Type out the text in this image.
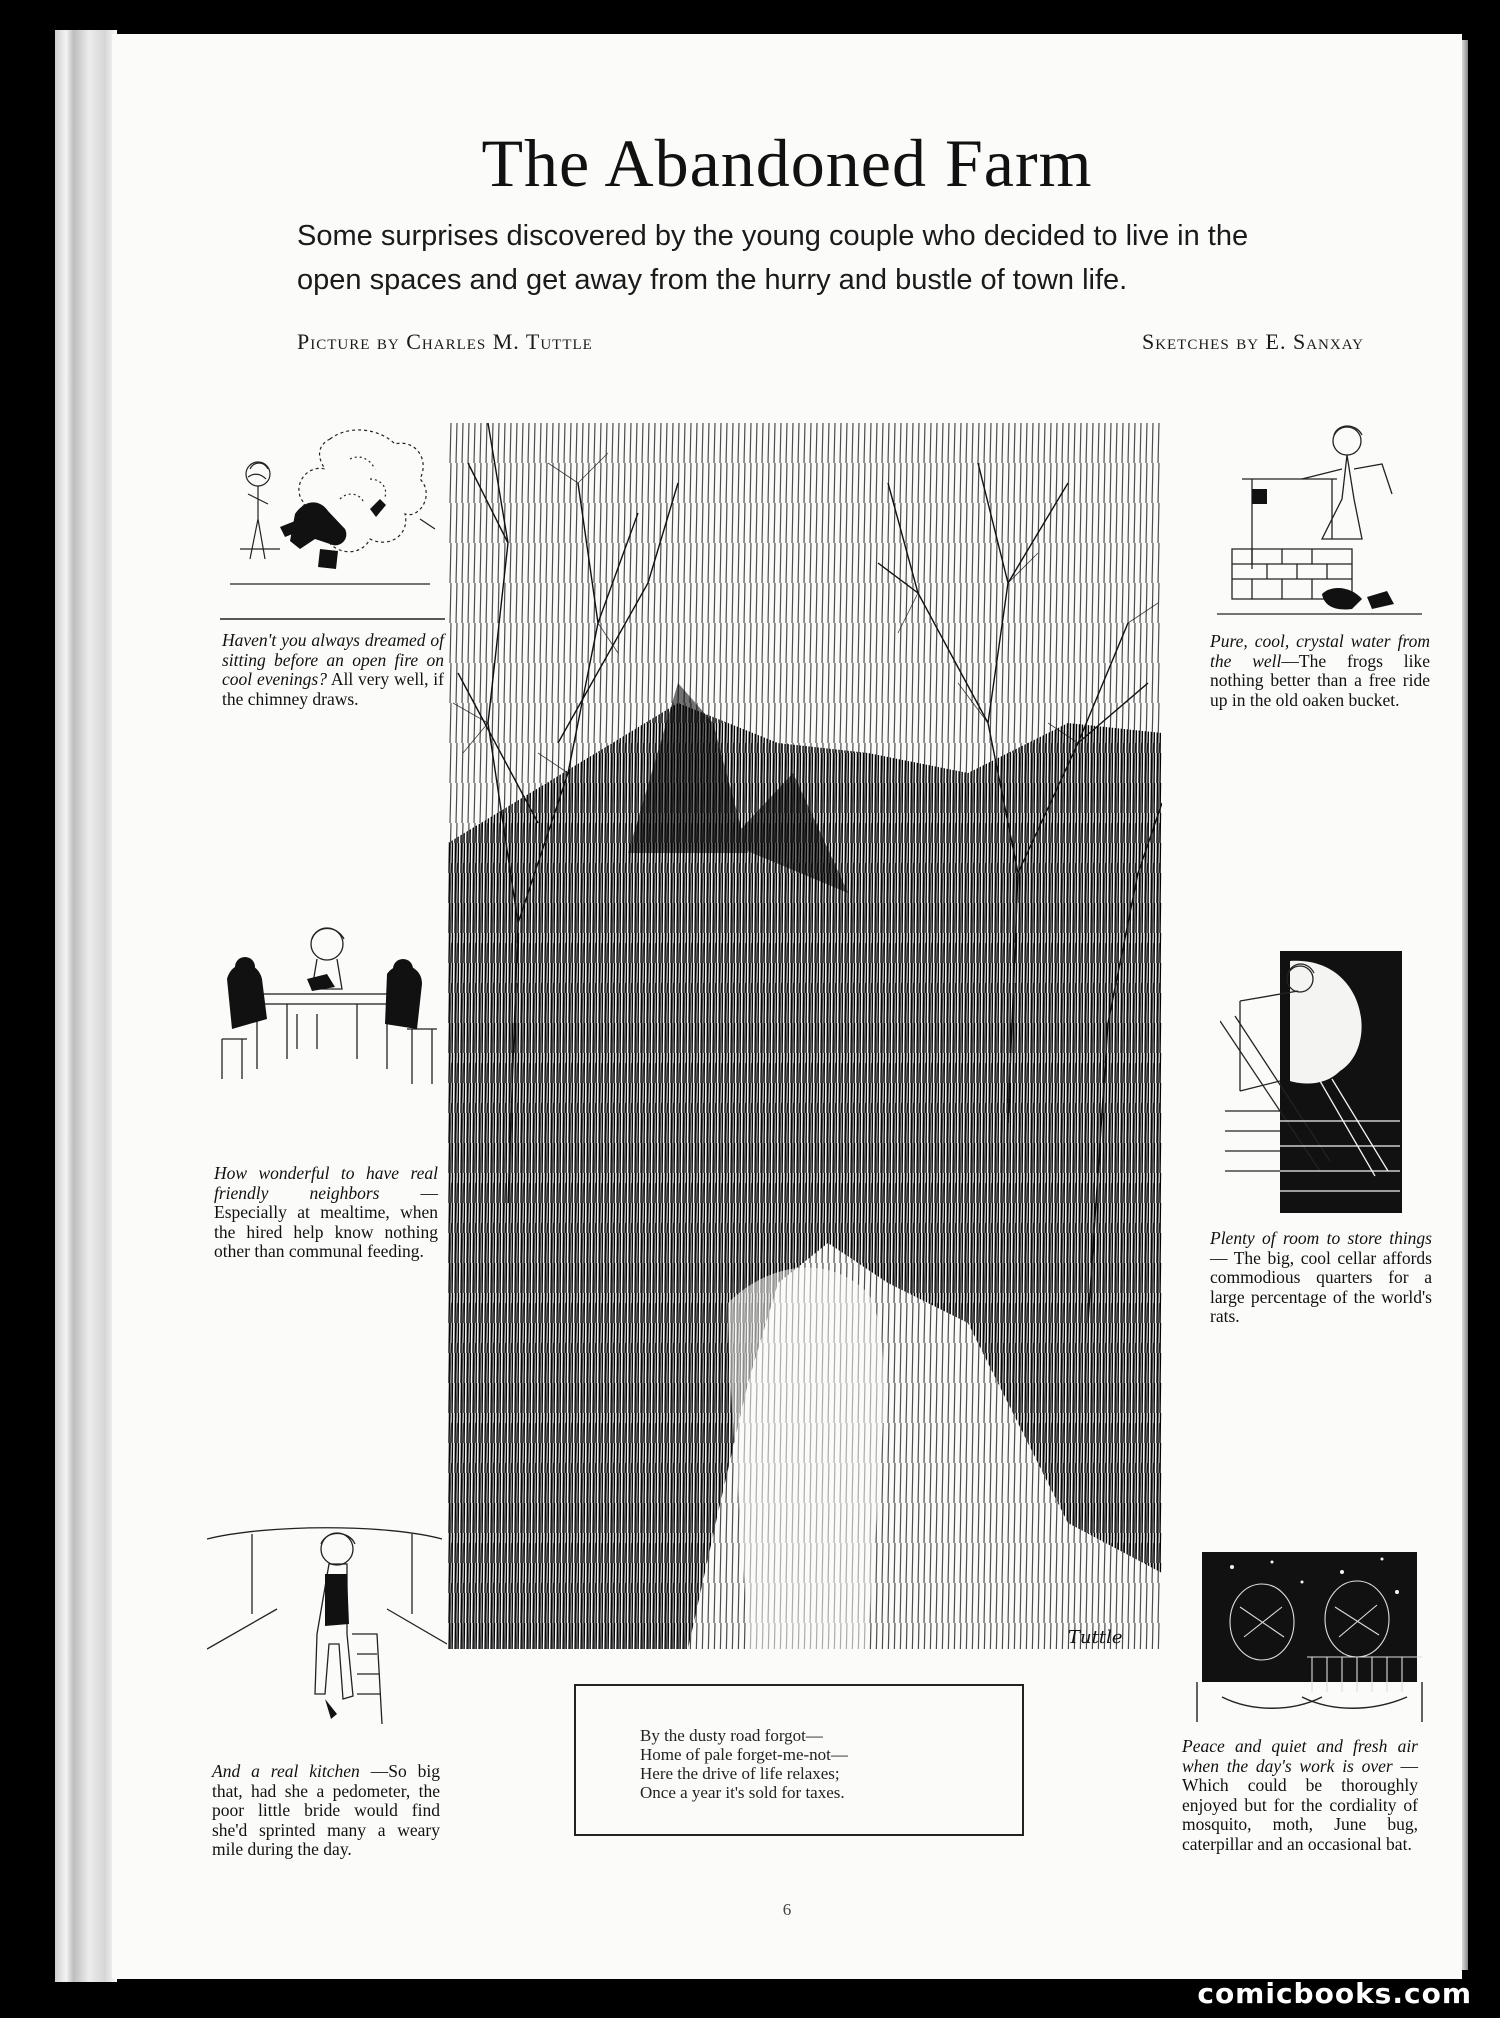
The Abandoned Farm

Some surprises discovered by the young couple who decided to live in the open spaces and get away from the hurry and bustle of town life.

Picture by Charles M. Tuttle	Sketches by E. Sanxay

Haven't you always dreamed of sitting before an open fire on cool evenings? All very well, if the chimney draws.

Pure, cool, crystal water from the well—The frogs like nothing better than a free ride up in the old oaken bucket.

How wonderful to have real friendly neighbors — Especially at mealtime, when the hired help know nothing other than communal feeding.

Plenty of room to store things — The big, cool cellar affords commodious quarters for a large percentage of the world's rats.

And a real kitchen —So big that, had she a pedometer, the poor little bride would find she'd sprinted many a weary mile during the day.

Peace and quiet and fresh air when the day's work is over — Which could be thoroughly enjoyed but for the cordiality of mosquito, moth, June bug, caterpillar and an occasional bat.

Tuttle

By the dusty road forgot—
Home of pale forget-me-not—
Here the drive of life relaxes;
Once a year it's sold for taxes.

6

comicbooks.com
